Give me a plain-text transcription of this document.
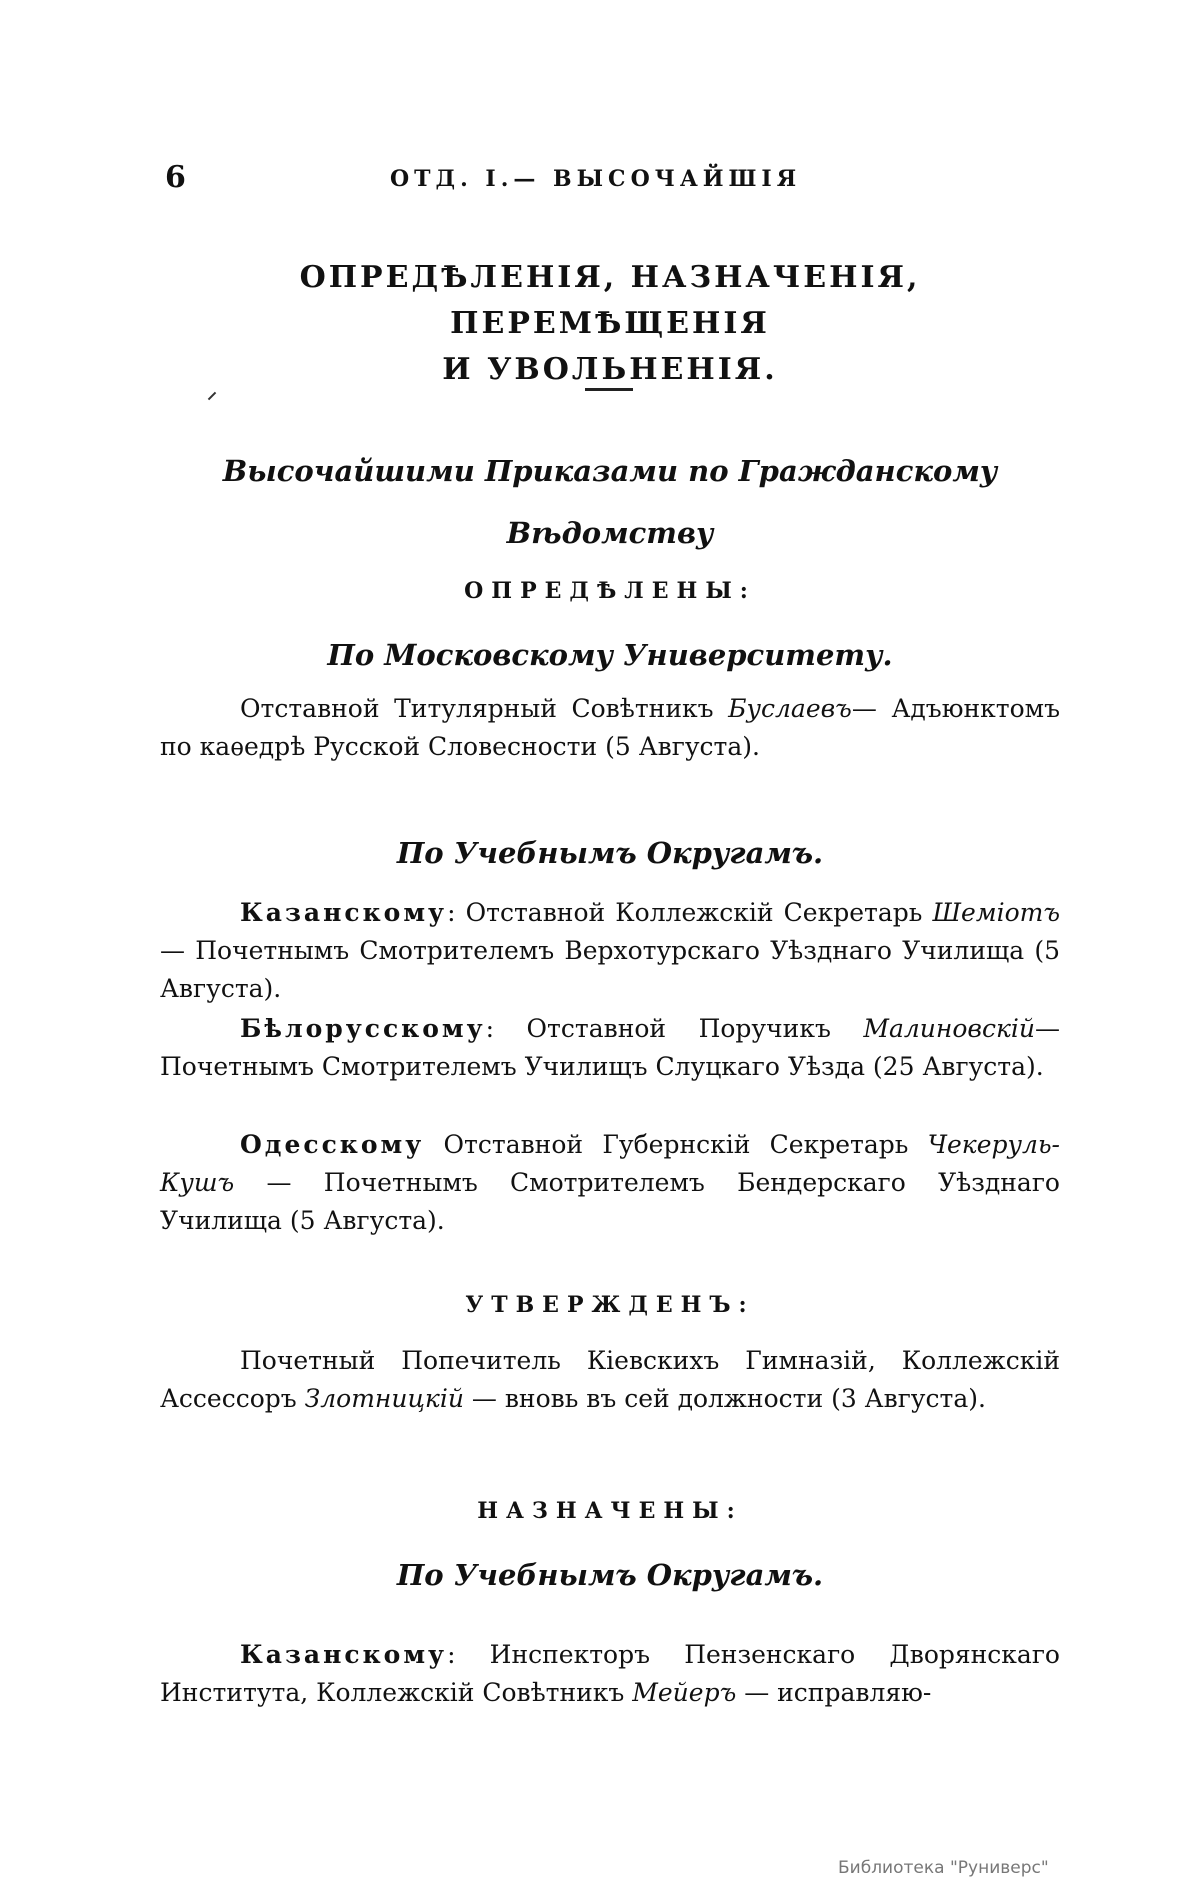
6	ОТД. I.— ВЫСОЧАЙШІЯ
ОПРЕДѢЛЕНІЯ, НАЗНАЧЕНІЯ, ПЕРЕМѢЩЕНІЯ
И УВОЛЬНЕНІЯ.
Высочайшими Приказами по Гражданскому
Вѣдомству
ОПРЕДѢЛЕНЫ:
По Московскому Университету.

Отставной Титулярный Совѣтникъ Буслаевъ— Адъюнктомъ по каѳедрѣ Русской Словесности (5 Августа).

По Учебнымъ Округамъ.

Казанскому: Отставной Коллежскій Секретарь Шеміотъ — Почетнымъ Смотрителемъ Верхотурскаго Уѣзднаго Училища (5 Августа).

Бѣлорусскому: Отставной Поручикъ Малиновскій— Почетнымъ Смотрителемъ Училищъ Слуцкаго Уѣзда (25 Августа).

Одесскому Отставной Губернскій Секретарь Чекеруль-Кушъ — Почетнымъ Смотрителемъ Бендерскаго Уѣзднаго Училища (5 Августа).

УТВЕРЖДЕНЪ:

Почетный Попечитель Кіевскихъ Гимназій, Коллежскій Ассессоръ Злотницкій — вновь въ сей должности (3 Августа).

НАЗНАЧЕНЫ:
По Учебнымъ Округамъ.

Казанскому: Инспекторъ Пензенскаго Дворянскаго Института, Коллежскій Совѣтникъ Мейеръ — исправляю-

Библиотека "Руниверс"
